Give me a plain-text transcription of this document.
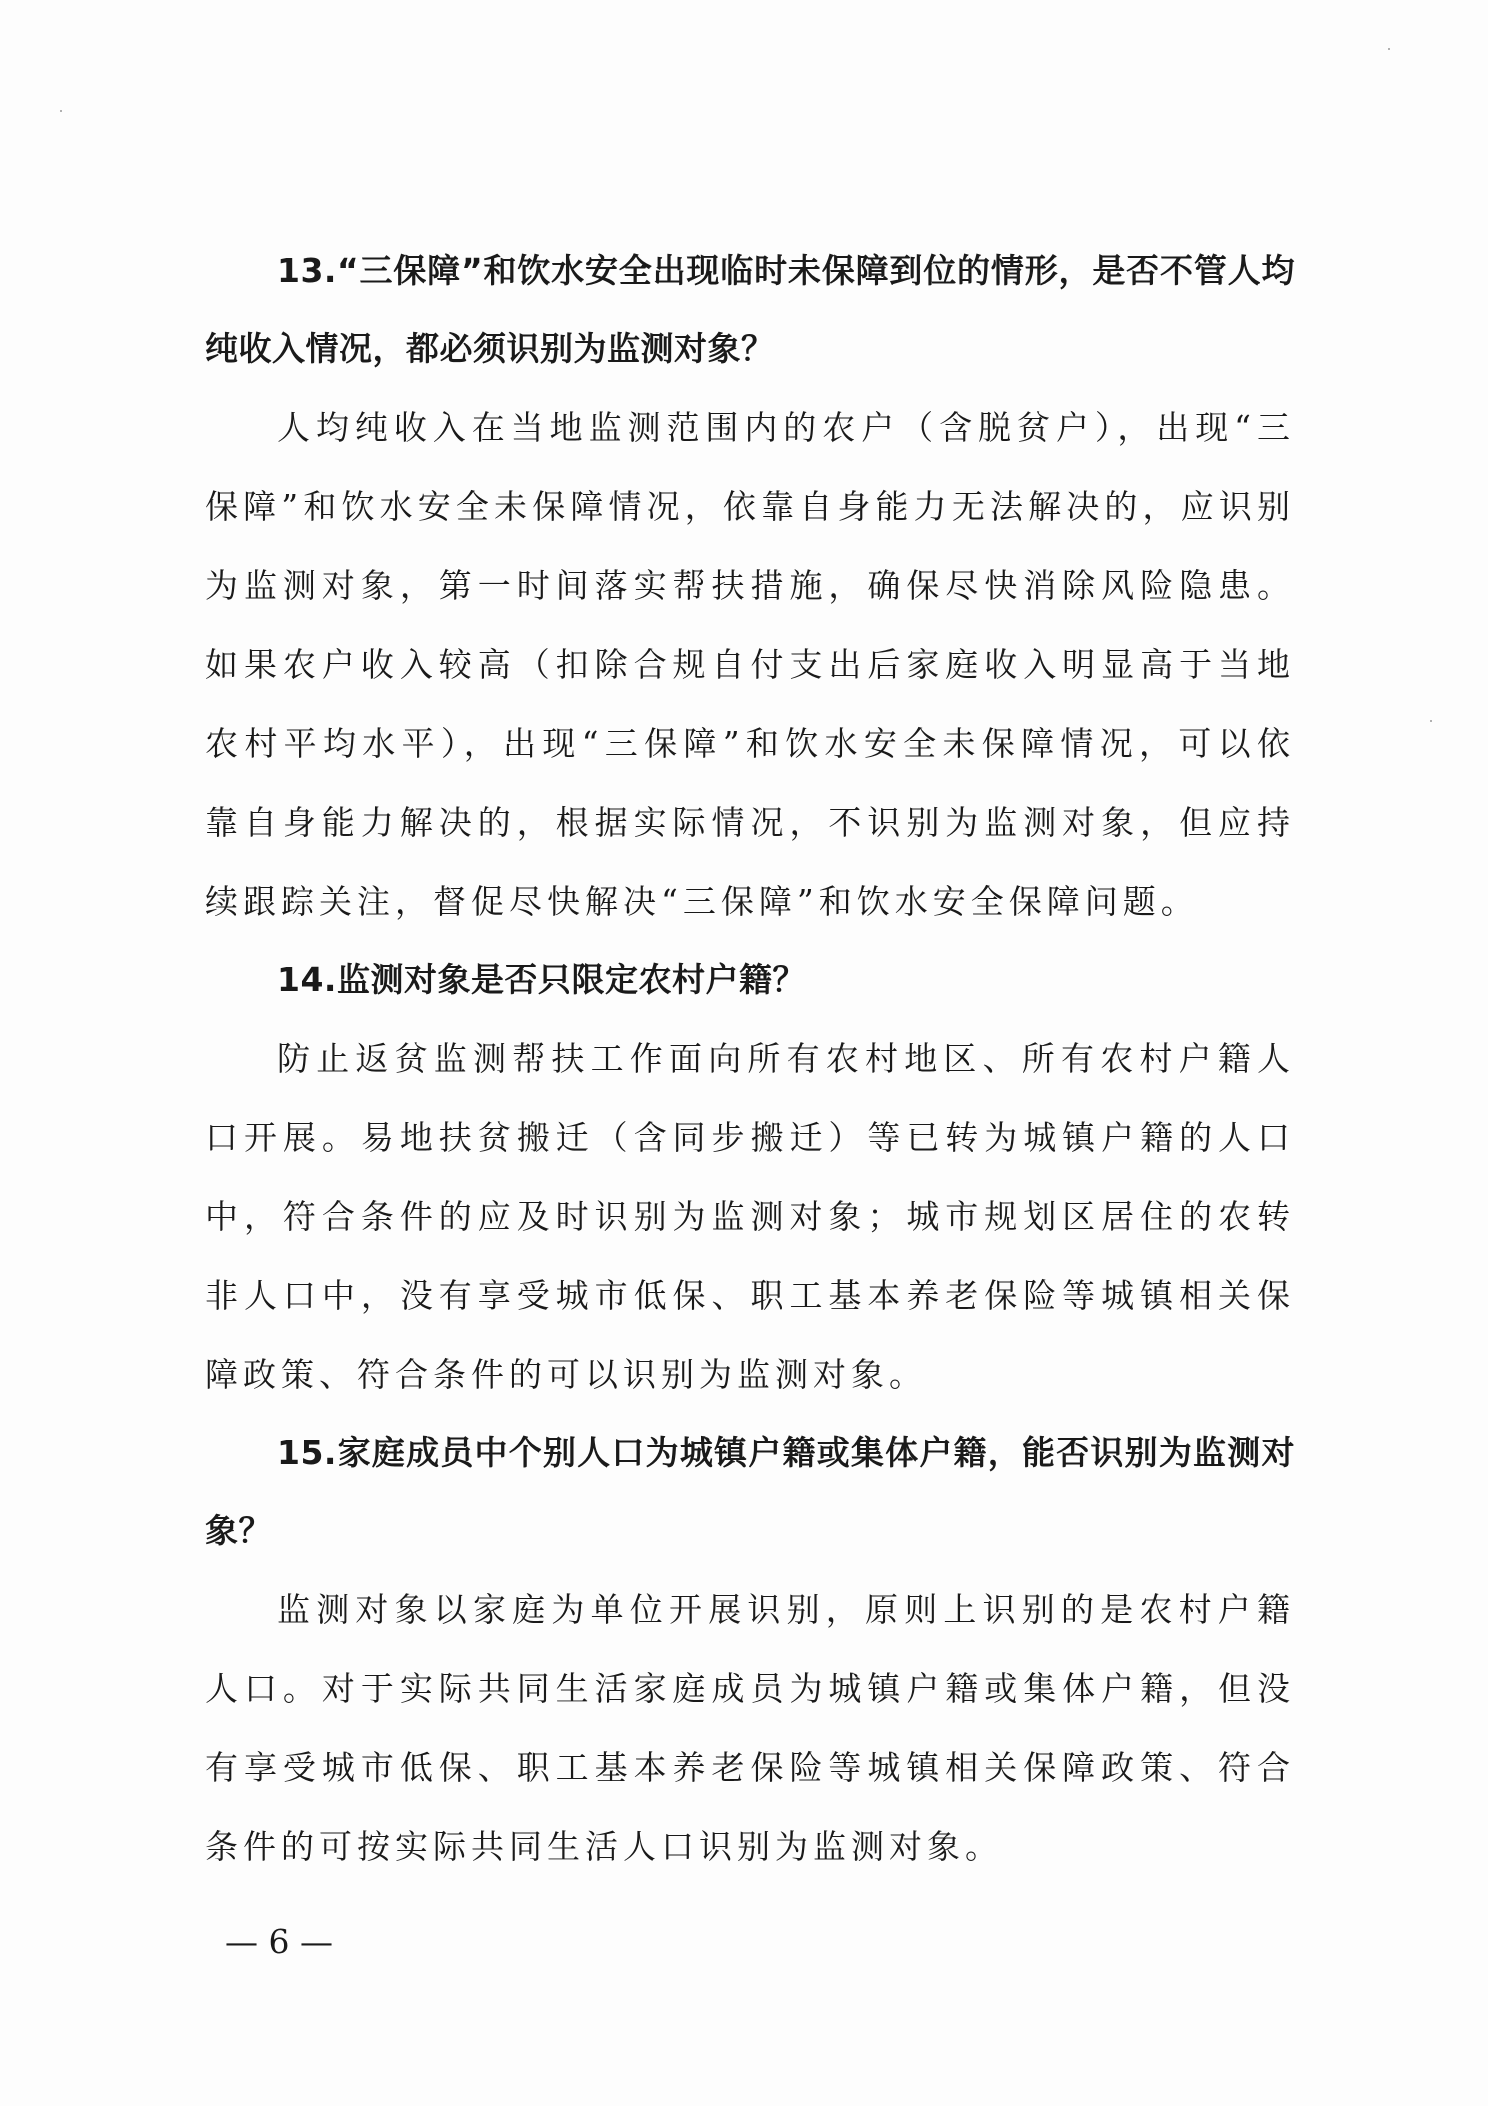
13.“三保障”和饮水安全出现临时未保障到位的情形，是否不管人均纯收入情况，都必须识别为监测对象？

人均纯收入在当地监测范围内的农户（含脱贫户），出现“三保障”和饮水安全未保障情况，依靠自身能力无法解决的，应识别为监测对象，第一时间落实帮扶措施，确保尽快消除风险隐患。如果农户收入较高（扣除合规自付支出后家庭收入明显高于当地农村平均水平），出现“三保障”和饮水安全未保障情况，可以依靠自身能力解决的，根据实际情况，不识别为监测对象，但应持续跟踪关注，督促尽快解决“三保障”和饮水安全保障问题。

14.监测对象是否只限定农村户籍？

防止返贫监测帮扶工作面向所有农村地区、所有农村户籍人口开展。易地扶贫搬迁（含同步搬迁）等已转为城镇户籍的人口中，符合条件的应及时识别为监测对象；城市规划区居住的农转非人口中，没有享受城市低保、职工基本养老保险等城镇相关保障政策、符合条件的可以识别为监测对象。

15.家庭成员中个别人口为城镇户籍或集体户籍，能否识别为监测对象？

监测对象以家庭为单位开展识别，原则上识别的是农村户籍人口。对于实际共同生活家庭成员为城镇户籍或集体户籍，但没有享受城市低保、职工基本养老保险等城镇相关保障政策、符合条件的可按实际共同生活人口识别为监测对象。

— 6 —
